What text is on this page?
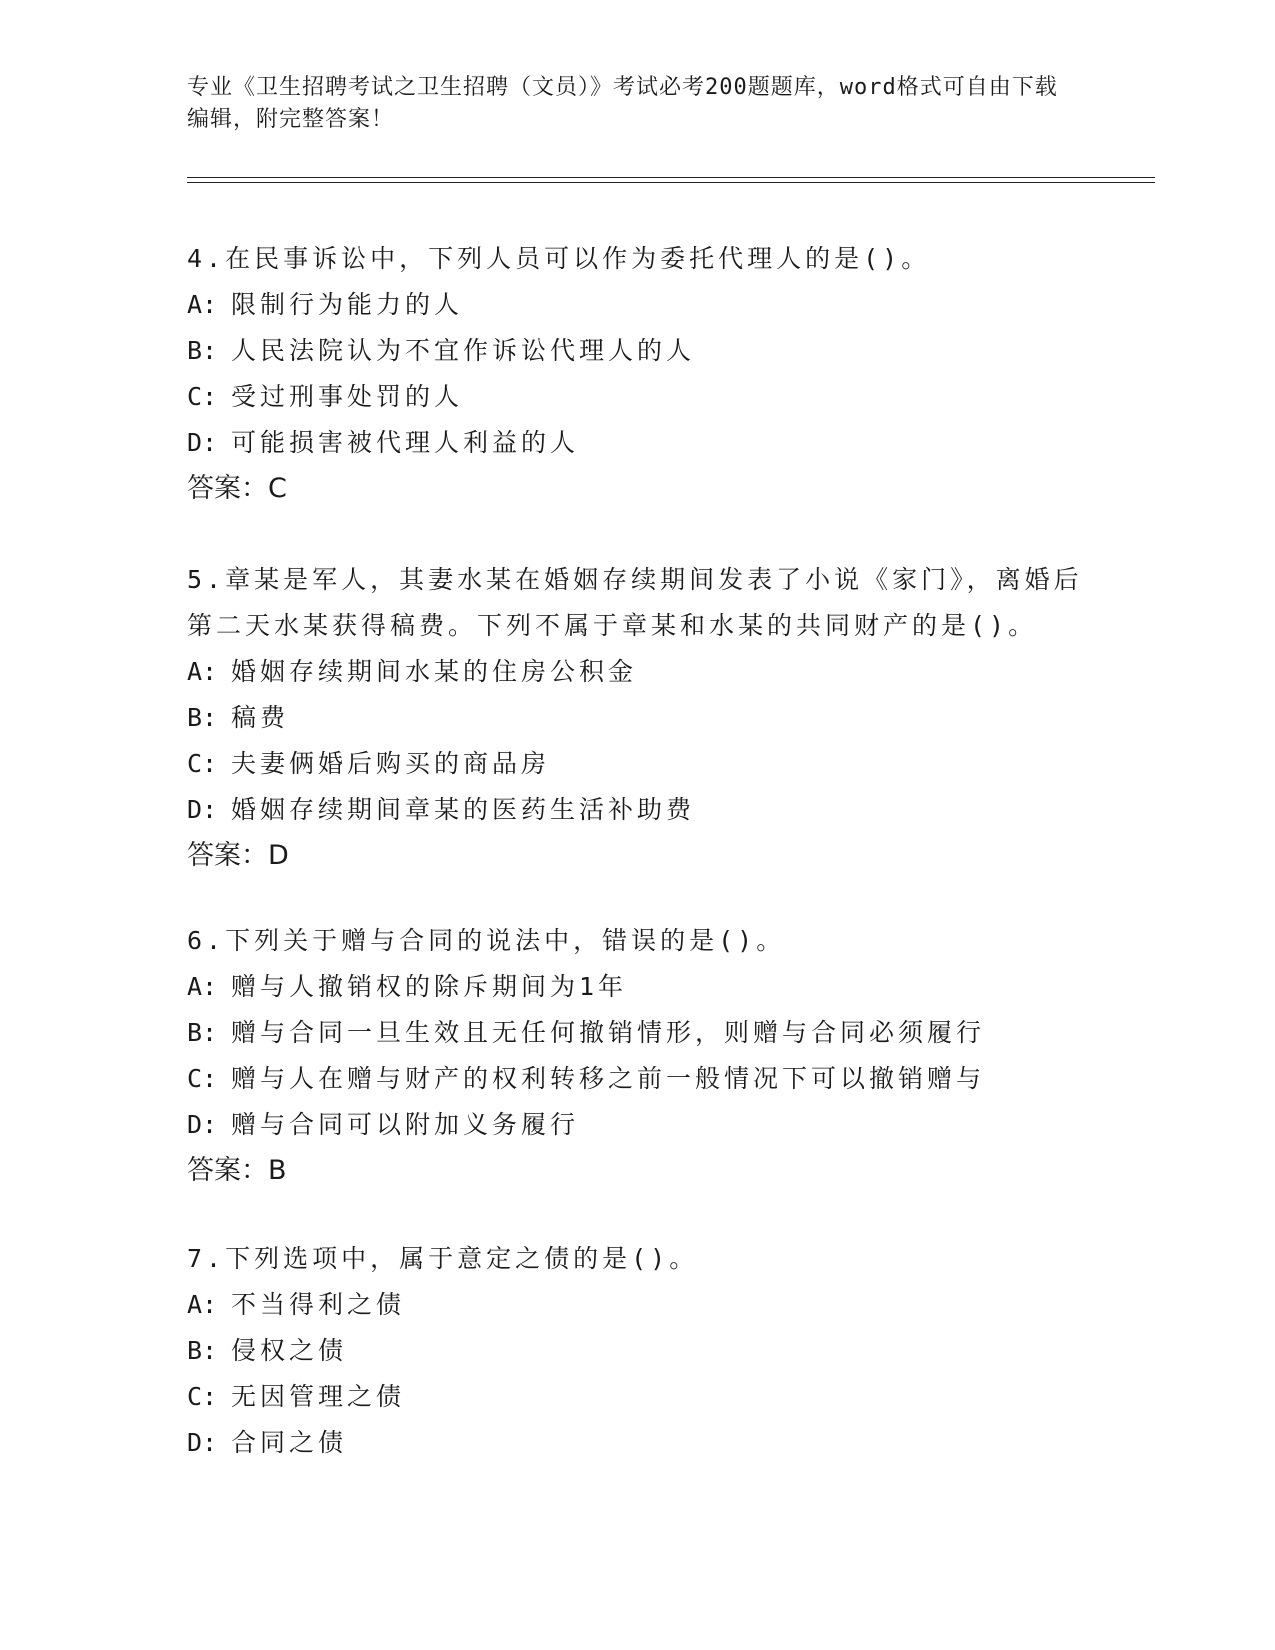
专业《卫生招聘考试之卫生招聘（文员）》考试必考200题题库，word格式可自由下载编辑，附完整答案！

4.在民事诉讼中，下列人员可以作为委托代理人的是()。

A: 限制行为能力的人

B: 人民法院认为不宜作诉讼代理人的人

C: 受过刑事处罚的人

D: 可能损害被代理人利益的人

答案：C

5.章某是军人，其妻水某在婚姻存续期间发表了小说《家门》，离婚后第二天水某获得稿费。下列不属于章某和水某的共同财产的是()。

A: 婚姻存续期间水某的住房公积金

B: 稿费

C: 夫妻俩婚后购买的商品房

D: 婚姻存续期间章某的医药生活补助费

答案：D

6.下列关于赠与合同的说法中，错误的是()。

A: 赠与人撤销权的除斥期间为1年

B: 赠与合同一旦生效且无任何撤销情形，则赠与合同必须履行

C: 赠与人在赠与财产的权利转移之前一般情况下可以撤销赠与

D: 赠与合同可以附加义务履行

答案：B

7.下列选项中，属于意定之债的是()。

A: 不当得利之债

B: 侵权之债

C: 无因管理之债

D: 合同之债
